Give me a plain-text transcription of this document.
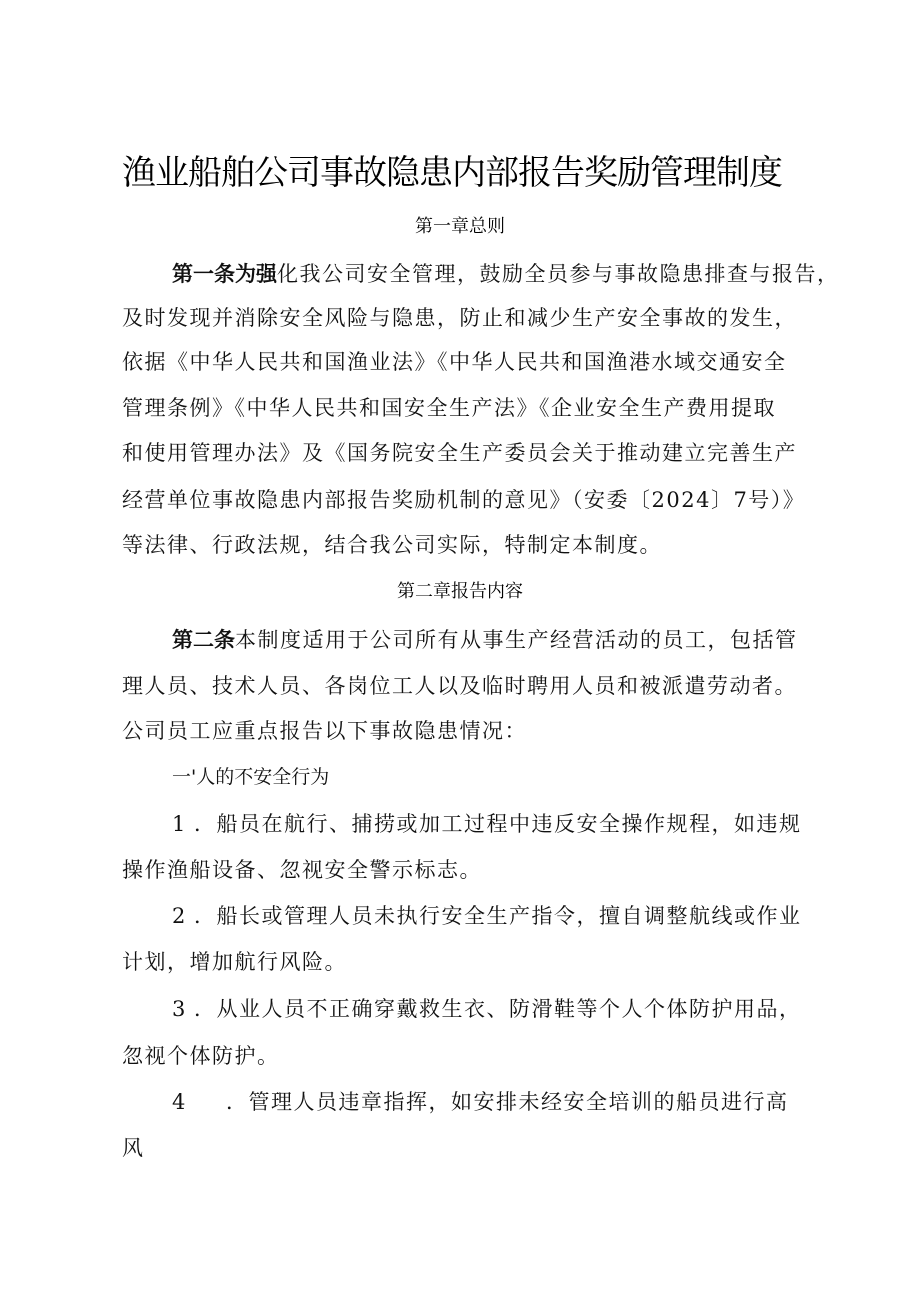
渔业船舶公司事故隐患内部报告奖励管理制度
第一章总则
第一条为强化我公司安全管理，鼓励全员参与事故隐患排查与报告，
及时发现并消除安全风险与隐患，防止和减少生产安全事故的发生，
依据《中华人民共和国渔业法》《中华人民共和国渔港水域交通安全
管理条例》《中华人民共和国安全生产法》《企业安全生产费用提取
和使用管理办法》及《国务院安全生产委员会关于推动建立完善生产
经营单位事故隐患内部报告奖励机制的意见》（安委〔2024〕7号）》
等法律、行政法规，结合我公司实际，特制定本制度。
第二章报告内容
第二条本制度适用于公司所有从事生产经营活动的员工，包括管
理人员、技术人员、各岗位工人以及临时聘用人员和被派遣劳动者。
公司员工应重点报告以下事故隐患情况：
一'人的不安全行为
1 ．船员在航行、捕捞或加工过程中违反安全操作规程，如违规
操作渔船设备、忽视安全警示标志。
2 ．船长或管理人员未执行安全生产指令，擅自调整航线或作业
计划，增加航行风险。
3 ．从业人员不正确穿戴救生衣、防滑鞋等个人个体防护用品，
忽视个体防护。
4 ．管理人员违章指挥，如安排未经安全培训的船员进行高
风
